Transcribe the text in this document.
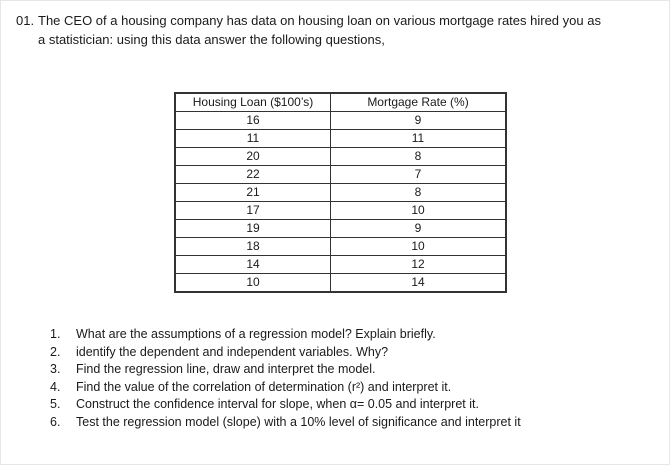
01. The CEO of a housing company has data on housing loan on various mortgage rates hired you as
a statistician: using this data answer the following questions,
Housing Loan ($100’s)	Mortgage Rate (%)
16	9
11	11
20	8
22	7
21	8
17	10
19	9
18	10
14	12
10	14
1. What are the assumptions of a regression model? Explain briefly.
2. identify the dependent and independent variables. Why?
3. Find the regression line, draw and interpret the model.
4. Find the value of the correlation of determination (r²) and interpret it.
5. Construct the confidence interval for slope, when α= 0.05 and interpret it.
6. Test the regression model (slope) with a 10% level of significance and interpret it
